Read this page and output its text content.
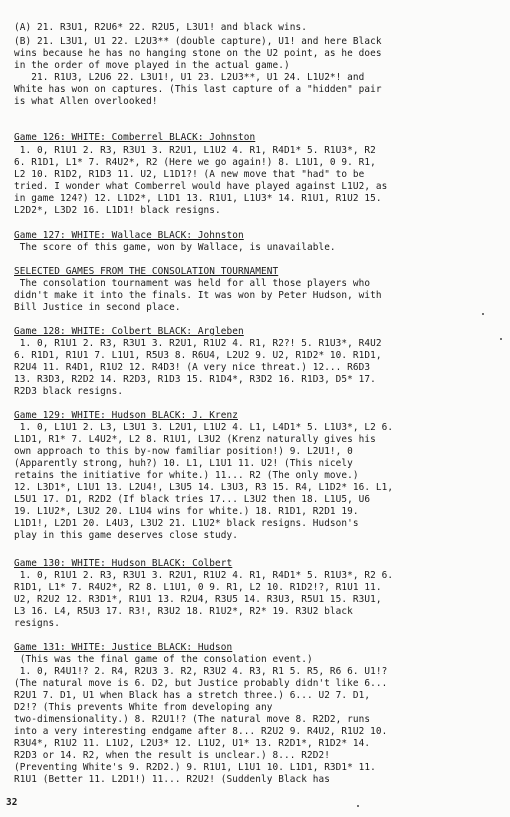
(A) 21. R3U1, R2U6* 22. R2U5, L3U1! and black wins.
(B) 21. L3U1, U1 22. L2U3** (double capture), U1! and here Black
wins because he has no hanging stone on the U2 point, as he does
in the order of move played in the actual game.)
21. R1U3, L2U6 22. L3U1!, U1 23. L2U3**, U1 24. L1U2*! and
White has won on captures. (This last capture of a "hidden" pair
is what Allen overlooked!
Game 126: WHITE: Comberrel BLACK: Johnston
1. 0, R1U1 2. R3, R3U1 3. R2U1, L1U2 4. R1, R4D1* 5. R1U3*, R2
6. R1D1, L1* 7. R4U2*, R2 (Here we go again!) 8. L1U1, 0 9. R1,
L2 10. R1D2, R1D3 11. U2, L1D1?! (A new move that "had" to be
tried. I wonder what Comberrel would have played against L1U2, as
in game 124?) 12. L1D2*, L1D1 13. R1U1, L1U3* 14. R1U1, R1U2 15.
L2D2*, L3D2 16. L1D1! black resigns.
Game 127: WHITE: Wallace BLACK: Johnston
The score of this game, won by Wallace, is unavailable.
SELECTED GAMES FROM THE CONSOLATION TOURNAMENT
The consolation tournament was held for all those players who
didn't make it into the finals. It was won by Peter Hudson, with
Bill Justice in second place.
Game 128: WHITE: Colbert BLACK: Argleben
1. 0, R1U1 2. R3, R3U1 3. R2U1, R1U2 4. R1, R2?! 5. R1U3*, R4U2
6. R1D1, R1U1 7. L1U1, R5U3 8. R6U4, L2U2 9. U2, R1D2* 10. R1D1,
R2U4 11. R4D1, R1U2 12. R4D3! (A very nice threat.) 12... R6D3
13. R3D3, R2D2 14. R2D3, R1D3 15. R1D4*, R3D2 16. R1D3, D5* 17.
R2D3 black resigns.
Game 129: WHITE: Hudson BLACK: J. Krenz
1. 0, L1U1 2. L3, L3U1 3. L2U1, L1U2 4. L1, L4D1* 5. L1U3*, L2 6.
L1D1, R1* 7. L4U2*, L2 8. R1U1, L3U2 (Krenz naturally gives his
own approach to this by-now familiar position!) 9. L2U1!, 0
(Apparently strong, huh?) 10. L1, L1U1 11. U2! (This nicely
retains the initiative for white.) 11... R2 (The only move.)
12. L3D1*, L1U1 13. L2U4!, L3U5 14. L3U3, R3 15. R4, L1D2* 16. L1,
L5U1 17. D1, R2D2 (If black tries 17... L3U2 then 18. L1U5, U6
19. L1U2*, L3U2 20. L1U4 wins for white.) 18. R1D1, R2D1 19.
L1D1!, L2D1 20. L4U3, L3U2 21. L1U2* black resigns. Hudson's
play in this game deserves close study.
Game 130: WHITE: Hudson BLACK: Colbert
1. 0, R1U1 2. R3, R3U1 3. R2U1, R1U2 4. R1, R4D1* 5. R1U3*, R2 6.
R1D1, L1* 7. R4U2*, R2 8. L1U1, 0 9. R1, L2 10. R1D2!?, R1U1 11.
U2, R2U2 12. R3D1*, R1U1 13. R2U4, R3U5 14. R3U3, R5U1 15. R3U1,
L3 16. L4, R5U3 17. R3!, R3U2 18. R1U2*, R2* 19. R3U2 black
resigns.
Game 131: WHITE: Justice BLACK: Hudson
(This was the final game of the consolation event.)
1. 0, R4U1!? 2. R4, R2U3 3. R2, R3U2 4. R3, R1 5. R5, R6 6. U1!?
(The natural move is 6. D2, but Justice probably didn't like 6...
R2U1 7. D1, U1 when Black has a stretch three.) 6... U2 7. D1,
D2!? (This prevents White from developing any
two-dimensionality.) 8. R2U1!? (The natural move 8. R2D2, runs
into a very interesting endgame after 8... R2U2 9. R4U2, R1U2 10.
R3U4*, R1U2 11. L1U2, L2U3* 12. L1U2, U1* 13. R2D1*, R1D2* 14.
R2D3 or 14. R2, when the result is unclear.) 8... R2D2!
(Preventing White's 9. R2D2.) 9. R1U1, L1U1 10. L1D1, R3D1* 11.
R1U1 (Better 11. L2D1!) 11... R2U2! (Suddenly Black has
32
